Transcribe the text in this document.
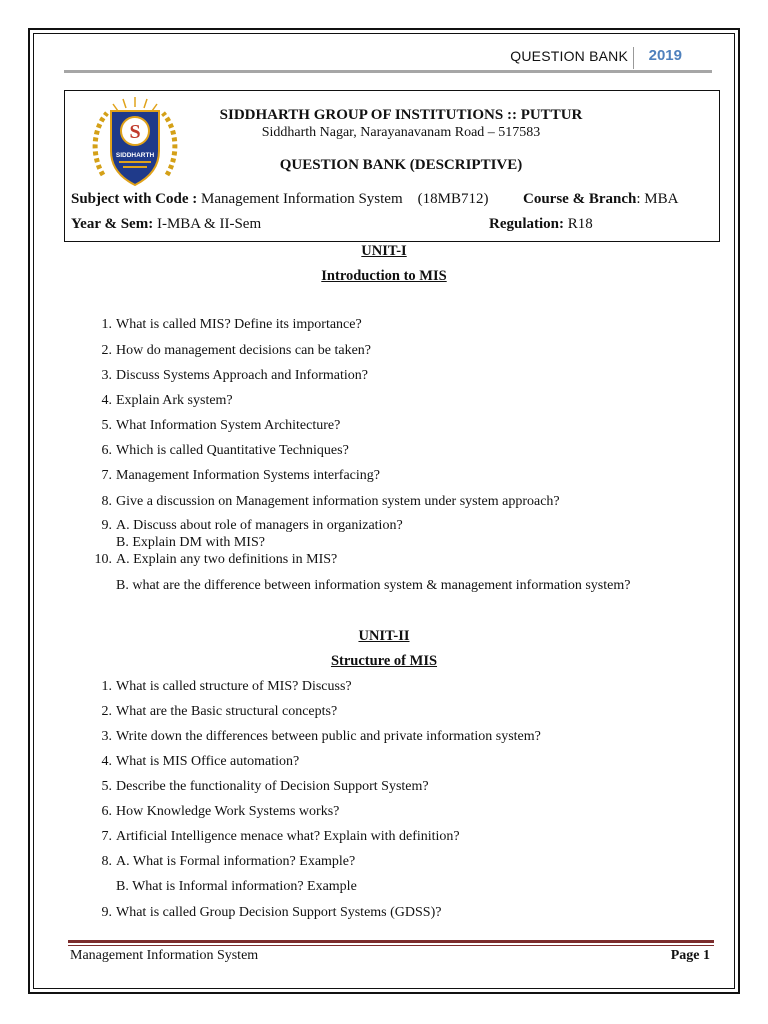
QUESTION BANK 2019
S
SIDDHARTH
SIDDHARTH GROUP OF INSTITUTIONS :: PUTTUR
Siddharth Nagar, Narayanavanam Road – 517583
QUESTION BANK (DESCRIPTIVE)
Subject with Code : Management Information System    (18MB712) Course & Branch: MBA
Year & Sem: I-MBA & II-Sem	Regulation: R18
UNIT-I
Introduction to MIS
1. What is called MIS? Define its importance?
2. How do management decisions can be taken?
3. Discuss Systems Approach and Information?
4. Explain Ark system?
5. What Information System Architecture?
6. Which is called Quantitative Techniques?
7. Management Information Systems interfacing?
8. Give a discussion on Management information system under system approach?
9. A. Discuss about role of managers in organization?
B. Explain DM with MIS?
10. A. Explain any two definitions in MIS?
B. what are the difference between information system & management information system?
UNIT-II
Structure of MIS
1. What is called structure of MIS? Discuss?
2. What are the Basic structural concepts?
3. Write down the differences between public and private information system?
4. What is MIS Office automation?
5. Describe the functionality of Decision Support System?
6. How Knowledge Work Systems works?
7. Artificial Intelligence menace what? Explain with definition?
8. A. What is Formal information? Example?
B. What is Informal information? Example
9. What is called Group Decision Support Systems (GDSS)?
Management Information System	Page 1
